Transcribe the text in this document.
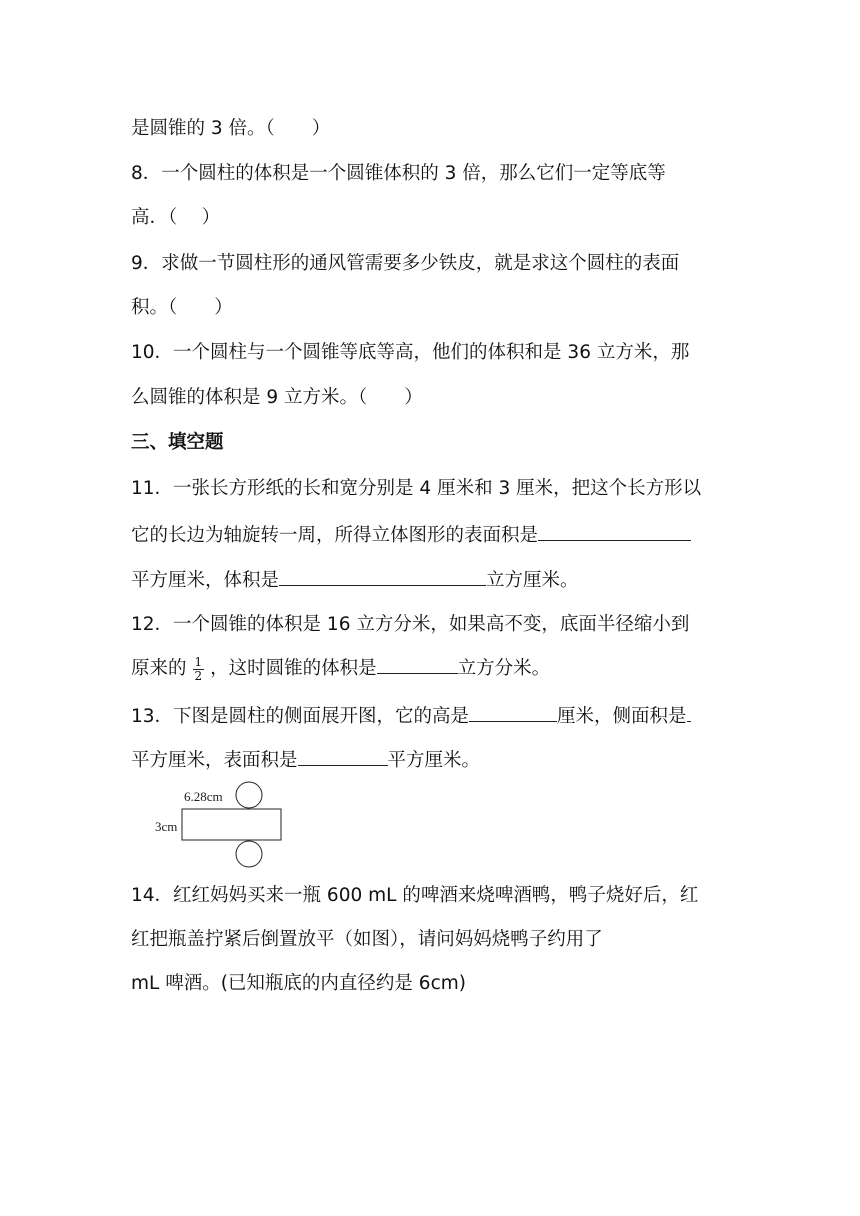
是圆锥的 3 倍。（　　）
8．一个圆柱的体积是一个圆锥体积的 3 倍，那么它们一定等底等
高．（　 ）
9．求做一节圆柱形的通风管需要多少铁皮，就是求这个圆柱的表面
积。（　　）
10．一个圆柱与一个圆锥等底等高，他们的体积和是 36 立方米，那
么圆锥的体积是 9 立方米。（　　）
三、填空题
11．一张长方形纸的长和宽分别是 4 厘米和 3 厘米，把这个长方形以
它的长边为轴旋转一周，所得立体图形的表面积是
平方厘米，体积是	立方厘米。
12．一个圆锥的体积是 16 立方分米，如果高不变，底面半径缩小到
原来的 $\frac{1}{2}$ ，这时圆锥的体积是	立方分米。
13．下图是圆柱的侧面展开图，它的高是	厘米，侧面积是
平方厘米，表面积是	平方厘米。
6.28cm
3cm
14．红红妈妈买来一瓶 600 mL 的啤酒来烧啤酒鸭，鸭子烧好后，红
红把瓶盖拧紧后倒置放平（如图），请问妈妈烧鸭子约用了
mL 啤酒。(已知瓶底的内直径约是 6cm)
